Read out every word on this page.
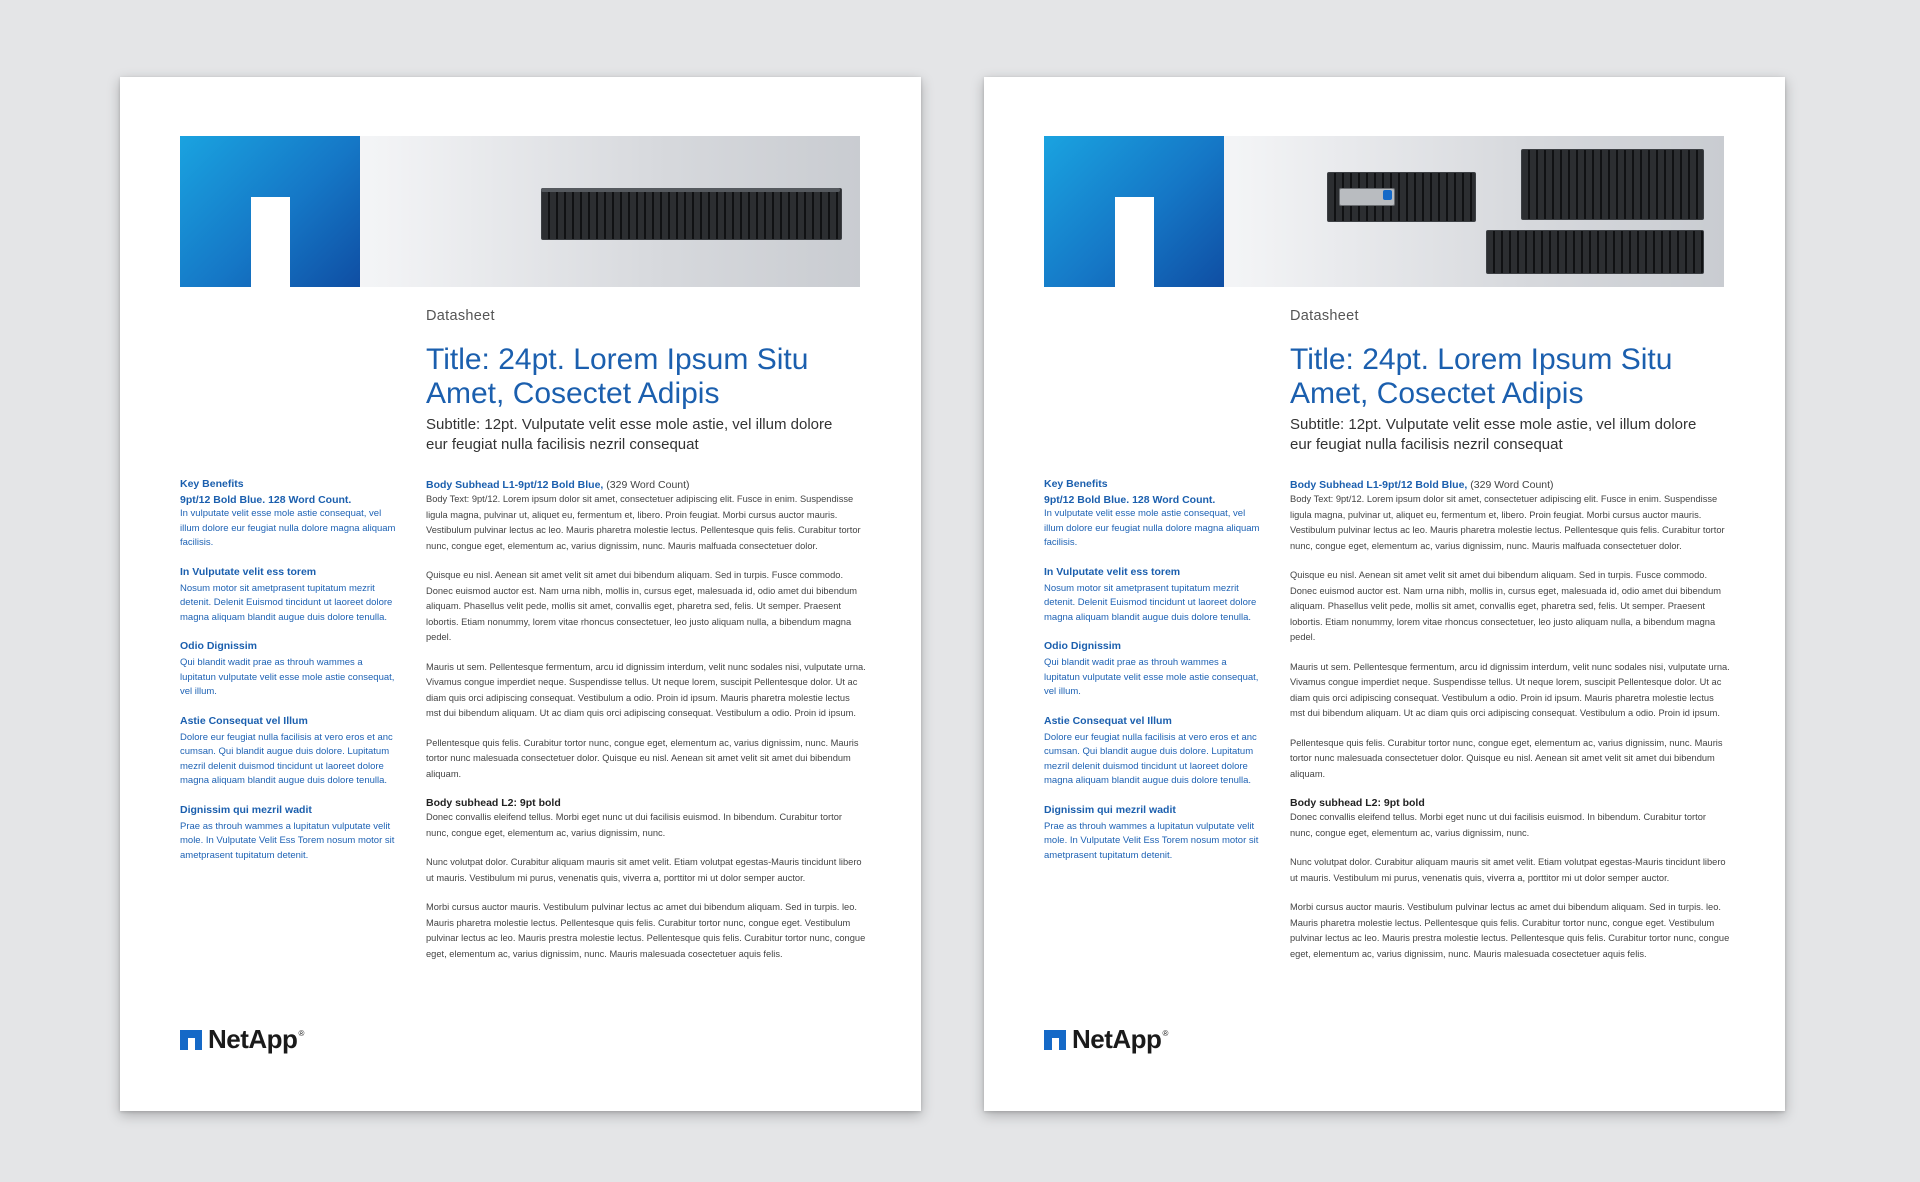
Datasheet
Title: 24pt. Lorem Ipsum Situ Amet, Cosectet Adipis
Subtitle: 12pt. Vulputate velit esse mole astie, vel illum dolore eur feugiat nulla facilisis nezril consequat
Key Benefits
9pt/12 Bold Blue. 128 Word Count.
In vulputate velit esse mole astie consequat, vel illum dolore eur feugiat nulla dolore magna aliquam facilisis.
In Vulputate velit ess torem
Nosum motor sit ametprasent tupitatum mezrit detenit. Delenit Euismod tincidunt ut laoreet dolore magna aliquam blandit augue duis dolore tenulla.
Odio Dignissim
Qui blandit wadit prae as throuh wammes a lupitatun vulputate velit esse mole astie consequat, vel illum.
Astie Consequat vel Illum
Dolore eur feugiat nulla facilisis at vero eros et anc cumsan. Qui blandit augue duis dolore. Lupitatum mezril delenit duismod tincidunt ut laoreet dolore magna aliquam blandit augue duis dolore tenulla.
Dignissim qui mezril wadit
Prae as throuh wammes a lupitatun vulputate velit mole. In Vulputate Velit Ess Torem nosum motor sit ametprasent tupitatum detenit.
Body Subhead L1-9pt/12 Bold Blue, (329 Word Count)

Body Text: 9pt/12. Lorem ipsum dolor sit amet, consectetuer adipiscing elit. Fusce in enim. Suspendisse ligula magna, pulvinar ut, aliquet eu, fermentum et, libero. Proin feugiat. Morbi cursus auctor mauris. Vestibulum pulvinar lectus ac leo. Mauris pharetra molestie lectus. Pellentesque quis felis. Curabitur tortor nunc, congue eget, elementum ac, varius dignissim, nunc. Mauris malfuada consectetuer dolor.

Quisque eu nisl. Aenean sit amet velit sit amet dui bibendum aliquam. Sed in turpis. Fusce commodo. Donec euismod auctor est. Nam urna nibh, mollis in, cursus eget, malesuada id, odio amet dui bibendum aliquam. Phasellus velit pede, mollis sit amet, convallis eget, pharetra sed, felis. Ut semper. Praesent lobortis. Etiam nonummy, lorem vitae rhoncus consectetuer, leo justo aliquam nulla, a bibendum magna pedel.

Mauris ut sem. Pellentesque fermentum, arcu id dignissim interdum, velit nunc sodales nisi, vulputate urna. Vivamus congue imperdiet neque. Suspendisse tellus. Ut neque lorem, suscipit Pellentesque dolor. Ut ac diam quis orci adipiscing consequat. Vestibulum a odio. Proin id ipsum. Mauris pharetra molestie lectus mst dui bibendum aliquam. Ut ac diam quis orci adipiscing consequat. Vestibulum a odio. Proin id ipsum.

Pellentesque quis felis. Curabitur tortor nunc, congue eget, elementum ac, varius dignissim, nunc. Mauris tortor nunc malesuada consectetuer dolor. Quisque eu nisl. Aenean sit amet velit sit amet dui bibendum aliquam.

Body subhead L2: 9pt bold

Donec convallis eleifend tellus. Morbi eget nunc ut dui facilisis euismod. In bibendum. Curabitur tortor nunc, congue eget, elementum ac, varius dignissim, nunc.

Nunc volutpat dolor. Curabitur aliquam mauris sit amet velit. Etiam volutpat egestas-Mauris tincidunt libero ut mauris. Vestibulum mi purus, venenatis quis, viverra a, porttitor mi ut dolor semper auctor.

Morbi cursus auctor mauris. Vestibulum pulvinar lectus ac amet dui bibendum aliquam. Sed in turpis. leo. Mauris pharetra molestie lectus. Pellentesque quis felis. Curabitur tortor nunc, congue eget. Vestibulum pulvinar lectus ac leo. Mauris prestra molestie lectus. Pellentesque quis felis. Curabitur tortor nunc, congue eget, elementum ac, varius dignissim, nunc. Mauris malesuada cosectetuer aquis felis.

NetApp ®
Datasheet
Title: 24pt. Lorem Ipsum Situ Amet, Cosectet Adipis
Subtitle: 12pt. Vulputate velit esse mole astie, vel illum dolore eur feugiat nulla facilisis nezril consequat
Key Benefits
9pt/12 Bold Blue. 128 Word Count.
In vulputate velit esse mole astie consequat, vel illum dolore eur feugiat nulla dolore magna aliquam facilisis.
In Vulputate velit ess torem
Nosum motor sit ametprasent tupitatum mezrit detenit. Delenit Euismod tincidunt ut laoreet dolore magna aliquam blandit augue duis dolore tenulla.
Odio Dignissim
Qui blandit wadit prae as throuh wammes a lupitatun vulputate velit esse mole astie consequat, vel illum.
Astie Consequat vel Illum
Dolore eur feugiat nulla facilisis at vero eros et anc cumsan. Qui blandit augue duis dolore. Lupitatum mezril delenit duismod tincidunt ut laoreet dolore magna aliquam blandit augue duis dolore tenulla.
Dignissim qui mezril wadit
Prae as throuh wammes a lupitatun vulputate velit mole. In Vulputate Velit Ess Torem nosum motor sit ametprasent tupitatum detenit.
Body Subhead L1-9pt/12 Bold Blue, (329 Word Count)

Body Text: 9pt/12. Lorem ipsum dolor sit amet, consectetuer adipiscing elit. Fusce in enim. Suspendisse ligula magna, pulvinar ut, aliquet eu, fermentum et, libero. Proin feugiat. Morbi cursus auctor mauris. Vestibulum pulvinar lectus ac leo. Mauris pharetra molestie lectus. Pellentesque quis felis. Curabitur tortor nunc, congue eget, elementum ac, varius dignissim, nunc. Mauris malfuada consectetuer dolor.

Quisque eu nisl. Aenean sit amet velit sit amet dui bibendum aliquam. Sed in turpis. Fusce commodo. Donec euismod auctor est. Nam urna nibh, mollis in, cursus eget, malesuada id, odio amet dui bibendum aliquam. Phasellus velit pede, mollis sit amet, convallis eget, pharetra sed, felis. Ut semper. Praesent lobortis. Etiam nonummy, lorem vitae rhoncus consectetuer, leo justo aliquam nulla, a bibendum magna pedel.

Mauris ut sem. Pellentesque fermentum, arcu id dignissim interdum, velit nunc sodales nisi, vulputate urna. Vivamus congue imperdiet neque. Suspendisse tellus. Ut neque lorem, suscipit Pellentesque dolor. Ut ac diam quis orci adipiscing consequat. Vestibulum a odio. Proin id ipsum. Mauris pharetra molestie lectus mst dui bibendum aliquam. Ut ac diam quis orci adipiscing consequat. Vestibulum a odio. Proin id ipsum.

Pellentesque quis felis. Curabitur tortor nunc, congue eget, elementum ac, varius dignissim, nunc. Mauris tortor nunc malesuada consectetuer dolor. Quisque eu nisl. Aenean sit amet velit sit amet dui bibendum aliquam.

Body subhead L2: 9pt bold

Donec convallis eleifend tellus. Morbi eget nunc ut dui facilisis euismod. In bibendum. Curabitur tortor nunc, congue eget, elementum ac, varius dignissim, nunc.

Nunc volutpat dolor. Curabitur aliquam mauris sit amet velit. Etiam volutpat egestas-Mauris tincidunt libero ut mauris. Vestibulum mi purus, venenatis quis, viverra a, porttitor mi ut dolor semper auctor.

Morbi cursus auctor mauris. Vestibulum pulvinar lectus ac amet dui bibendum aliquam. Sed in turpis. leo. Mauris pharetra molestie lectus. Pellentesque quis felis. Curabitur tortor nunc, congue eget. Vestibulum pulvinar lectus ac leo. Mauris prestra molestie lectus. Pellentesque quis felis. Curabitur tortor nunc, congue eget, elementum ac, varius dignissim, nunc. Mauris malesuada cosectetuer aquis felis.

NetApp ®
